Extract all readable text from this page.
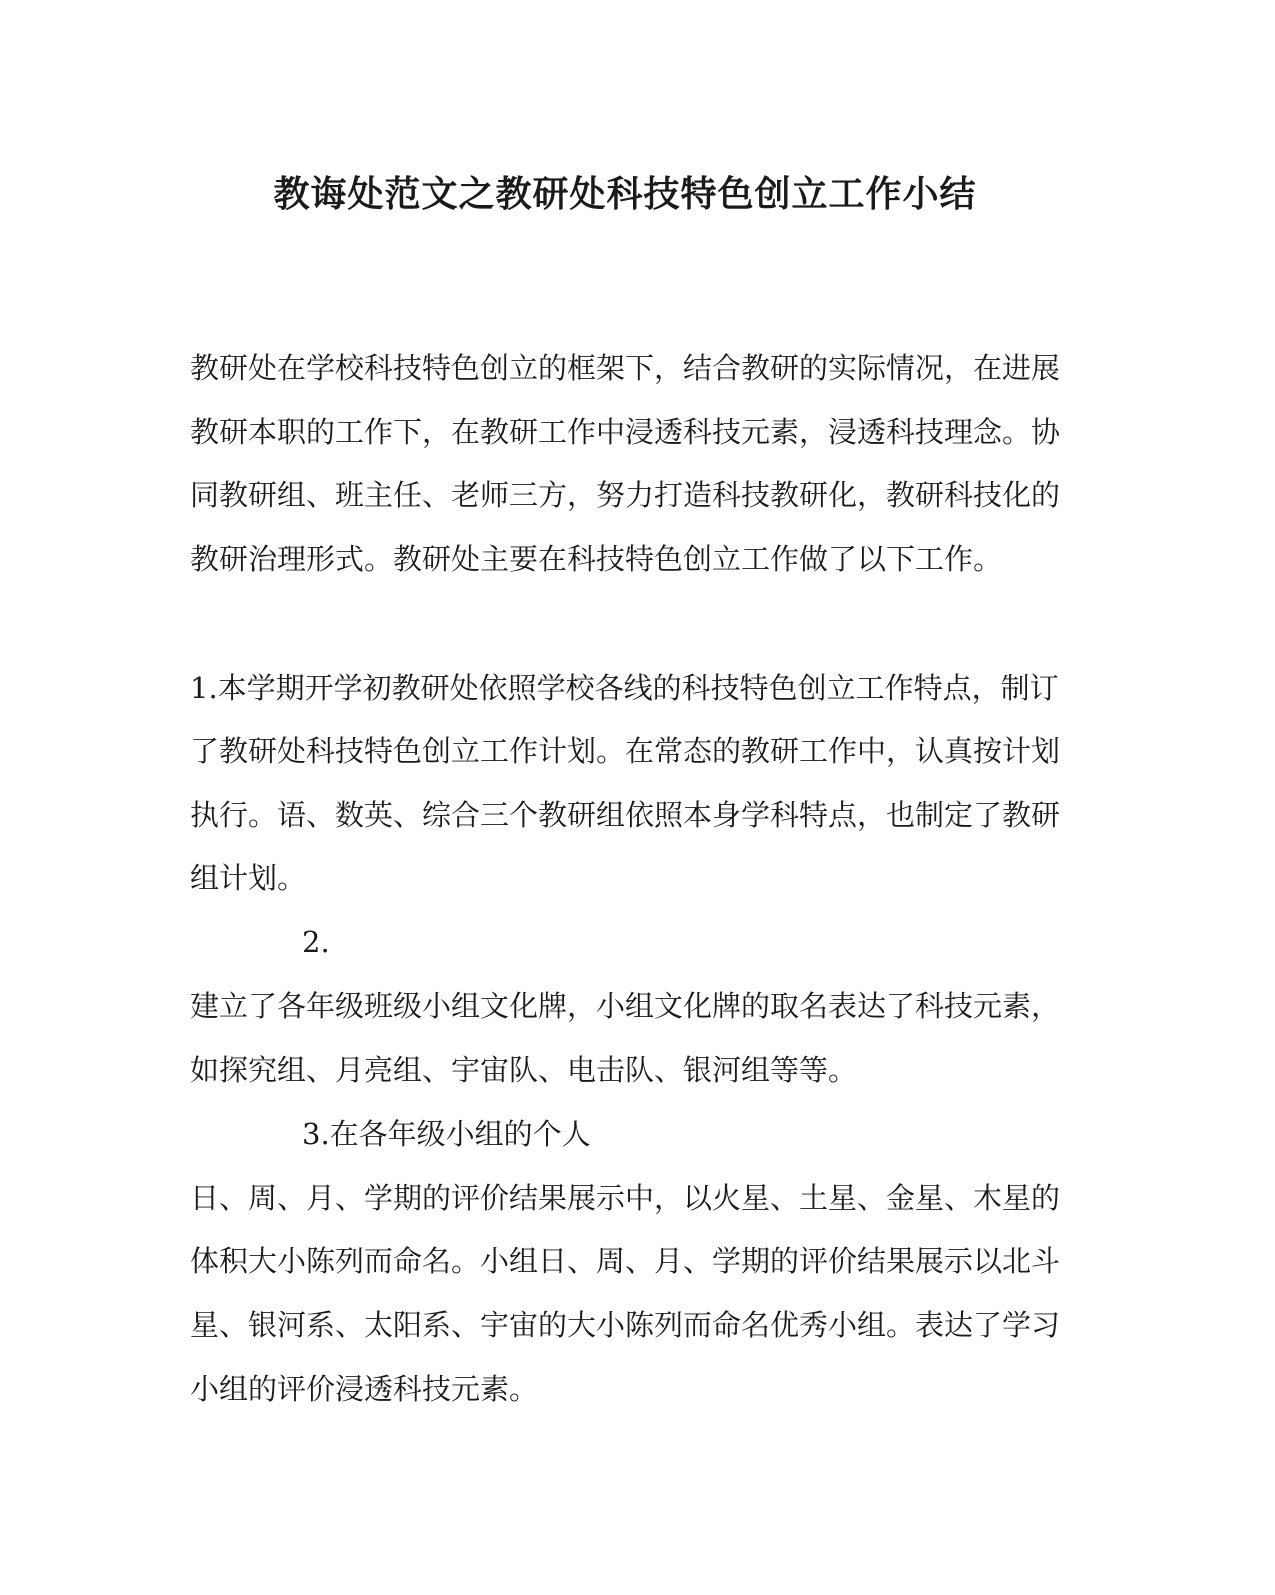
教诲处范文之教研处科技特色创立工作小结
教研处在学校科技特色创立的框架下，结合教研的实际情况，在进展
教研本职的工作下，在教研工作中浸透科技元素，浸透科技理念。协
同教研组、班主任、老师三方，努力打造科技教研化，教研科技化的
教研治理形式。教研处主要在科技特色创立工作做了以下工作。
1.本学期开学初教研处依照学校各线的科技特色创立工作特点，制订
了教研处科技特色创立工作计划。在常态的教研工作中，认真按计划
执行。语、数英、综合三个教研组依照本身学科特点，也制定了教研
组计划。
2.
建立了各年级班级小组文化牌，小组文化牌的取名表达了科技元素，
如探究组、月亮组、宇宙队、电击队、银河组等等。
3.在各年级小组的个人
日、周、月、学期的评价结果展示中，以火星、土星、金星、木星的
体积大小陈列而命名。小组日、周、月、学期的评价结果展示以北斗
星、银河系、太阳系、宇宙的大小陈列而命名优秀小组。表达了学习
小组的评价浸透科技元素。
